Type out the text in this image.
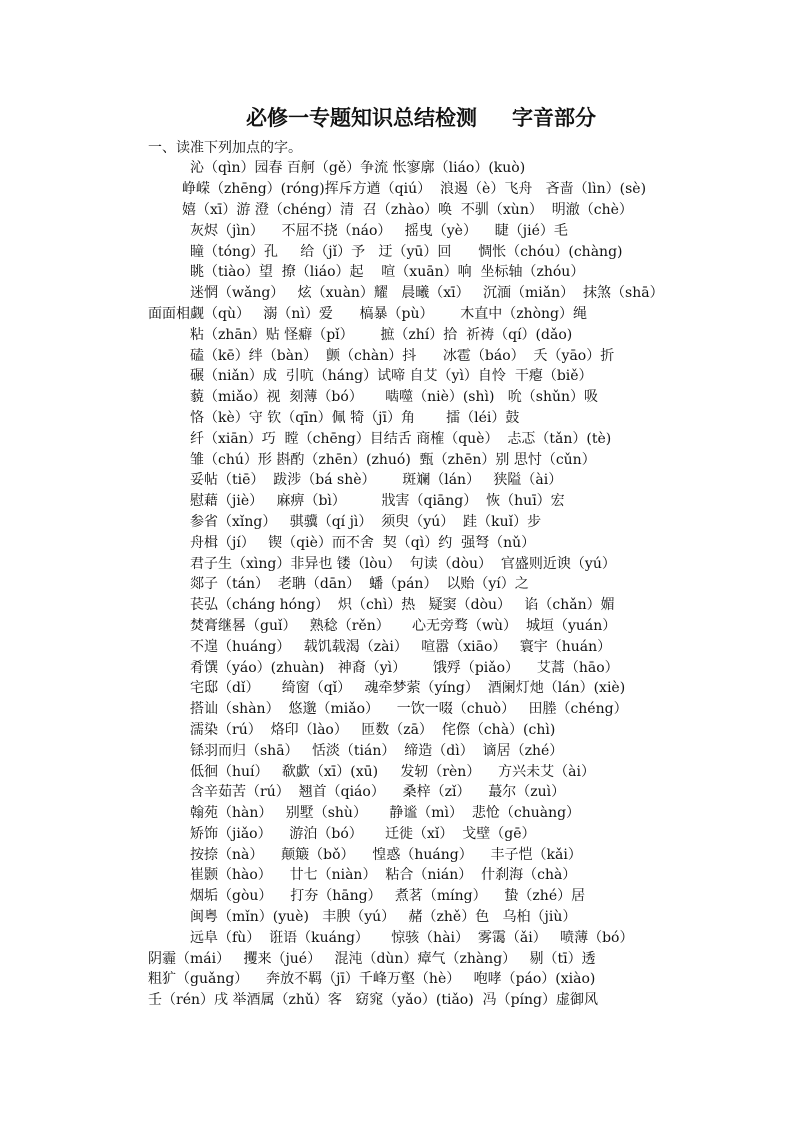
必修一专题知识总结检测 字音部分
一、读准下列加点的字。
沁（qìn）园春 百舸（gě）争流 怅寥廓（liáo）(kuò)
峥嵘（zhēng）(róng)挥斥方遒（qiú）  浪遏（è）飞舟   吝啬（lìn）(sè)
嬉（xī）游 澄（chéng）清  召（zhào）唤  不驯（xùn）  明澈（chè）
灰烬（jìn）    不屈不挠（náo）   摇曳（yè）    睫（jié）毛
瞳（tóng）孔     给（jǐ）予   迂（yū）回      惆怅（chóu）(chàng)
眺（tiào）望  撩（liáo）起    喧（xuān）响  坐标轴（zhóu）
迷惘（wǎng）   炫（xuàn）耀   晨曦（xī）   沉湎（miǎn）  抹煞（shā）
面面相觑（qù）   溺（nì）爱      槁暴（pù）      木直中（zhòng）绳
粘（zhān）贴 怪癖（pǐ）      摭（zhí）拾  祈祷（qí）(dǎo)
磕（kē）绊（bàn）  颤（chàn）抖      冰雹（báo）  夭（yāo）折
碾（niǎn）成  引吭（háng）试啼 自艾（yì）自怜  干瘪（biě）
藐（miǎo）视  刻薄（bó）     啮噬（niè）(shì)   吮（shǔn）吸
恪（kè）守 钦（qīn）佩 犄（jī）角       擂（léi）鼓
纤（xiān）巧  瞠（chēng）目结舌 商榷（què）  忐忑（tǎn）(tè)
雏（chú）形 斟酌（zhēn）(zhuó)  甄（zhēn）别 思忖（cǔn）
妥帖（tiē）  跋涉（bá shè）      斑斓（lán）   狭隘（ài）
慰藉（jiè）   麻痹（bì）        戕害（qiāng）  恢（huī）宏
参省（xǐng）   骐骥（qí jì）  须臾（yú）  跬（kuǐ）步
舟楫（jí）   锲（qiè）而不舍  契（qì）约  强弩（nǔ）
君子生（xìng）非异也 镂（lòu）  句读（dòu）  官盛则近谀（yú）
郯子（tán）  老聃（dān）  蟠（pán）  以贻（yí）之
苌弘（cháng hóng）  炽（chì）热   疑窦（dòu）   谄（chǎn）媚
焚膏继晷（guǐ）   熟稔（rěn）     心无旁骛（wù）  城垣（yuán）
不遑（huáng）   载饥载渴（zài）   喧嚣（xiāo）   寰宇（huán）
肴馔（yáo）(zhuàn)   神裔（yì）      饿殍（piǎo）    艾蒿（hāo）
宅邸（dǐ）     绮窗（qǐ）   魂牵梦萦（yíng）  酒阑灯灺（lán）(xiè)
搭讪（shàn）  悠邈（miǎo）    一饮一啜（chuò）   田塍（chéng）
濡染（rú）  烙印（lào）   匝数（zā）  侘傺（chà）(chì)
铩羽而归（shā）   恬淡（tián）  缔造（dì）  谪居（zhé）
低徊（huí）   欷歔（xī）(xū)     发轫（rèn）    方兴未艾（ài）
含辛茹苦（rú）  翘首（qiáo）    桑梓（zǐ）    蕞尔（zuì）
翰苑（hàn）   别墅（shù）     静谧（mì）  悲怆（chuàng）
矫饰（jiǎo）    游泊（bó）     迁徙（xǐ）  戈壁（gē）
按捺（nà）    颠簸（bǒ）    惶惑（huáng）    丰子恺（kǎi）
崔颢（hào）    廿七（niàn）  粘合（nián）  什刹海（chà）
烟垢（gòu）    打夯（hāng）   煮茗（míng）    蛰（zhé）居
闽粤（mǐn）(yuè)   丰腴（yú）   赭（zhě）色   乌桕（jiù）
远阜（fù）  诳语（kuáng）     惊骇（hài）  雾霭（ǎi）   喷薄（bó）
阴霾（mái）   攫来（jué）   混沌（dùn）瘴气（zhàng）   剔（tī）透
粗犷（guǎng）    奔放不羁（jī）千峰万壑（hè）   咆哮（páo）(xiào)
壬（rén）戌 举酒属（zhǔ）客   窈窕（yǎo）(tiǎo)  冯（píng）虚御风
